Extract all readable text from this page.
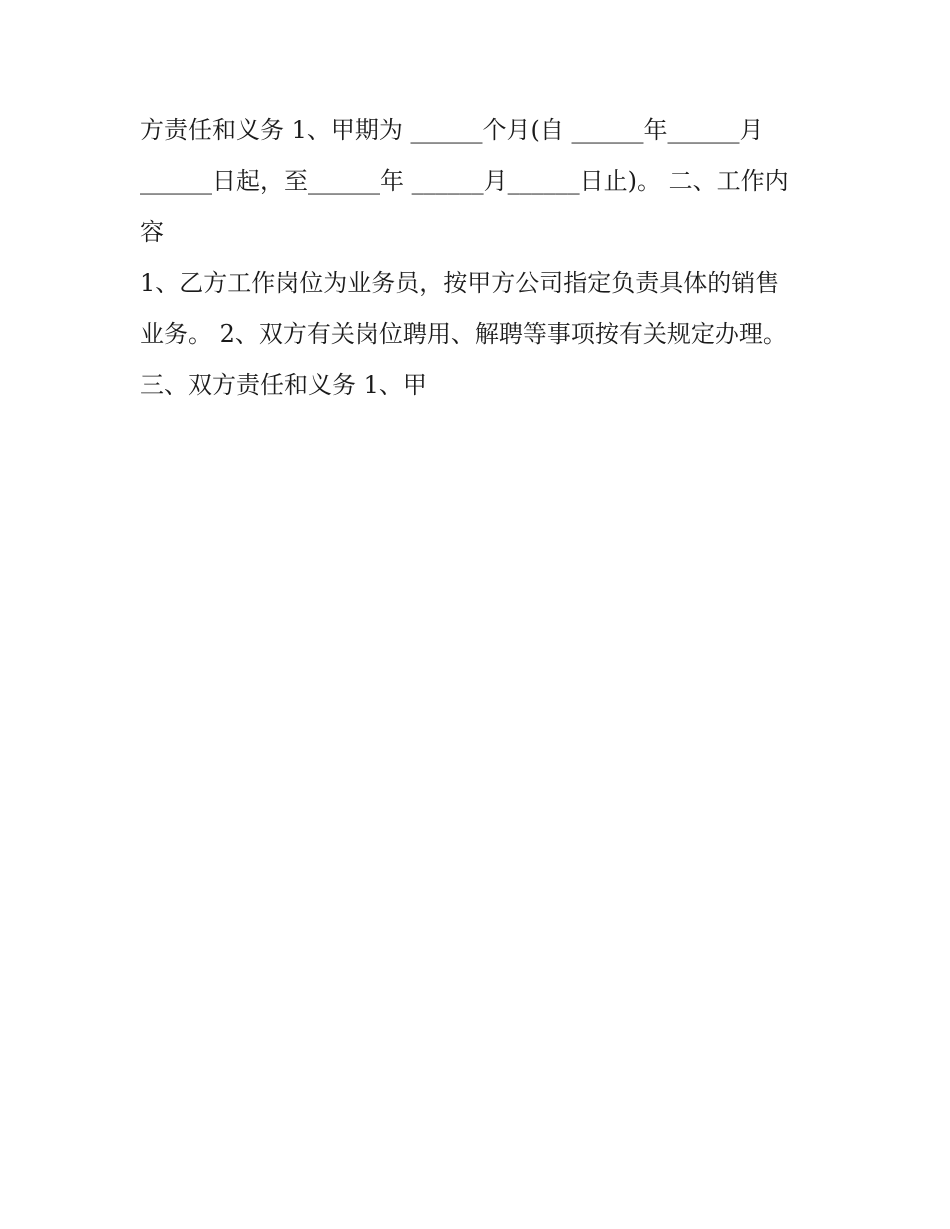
方责任和义务 1、甲期为 ______个月(自 ______年______月
______日起，至______年 ______月______日止)。 二、工作内
容
1、乙方工作岗位为业务员，按甲方公司指定负责具体的销售
业务。 2、双方有关岗位聘用、解聘等事项按有关规定办理。
三、双方责任和义务 1、甲
